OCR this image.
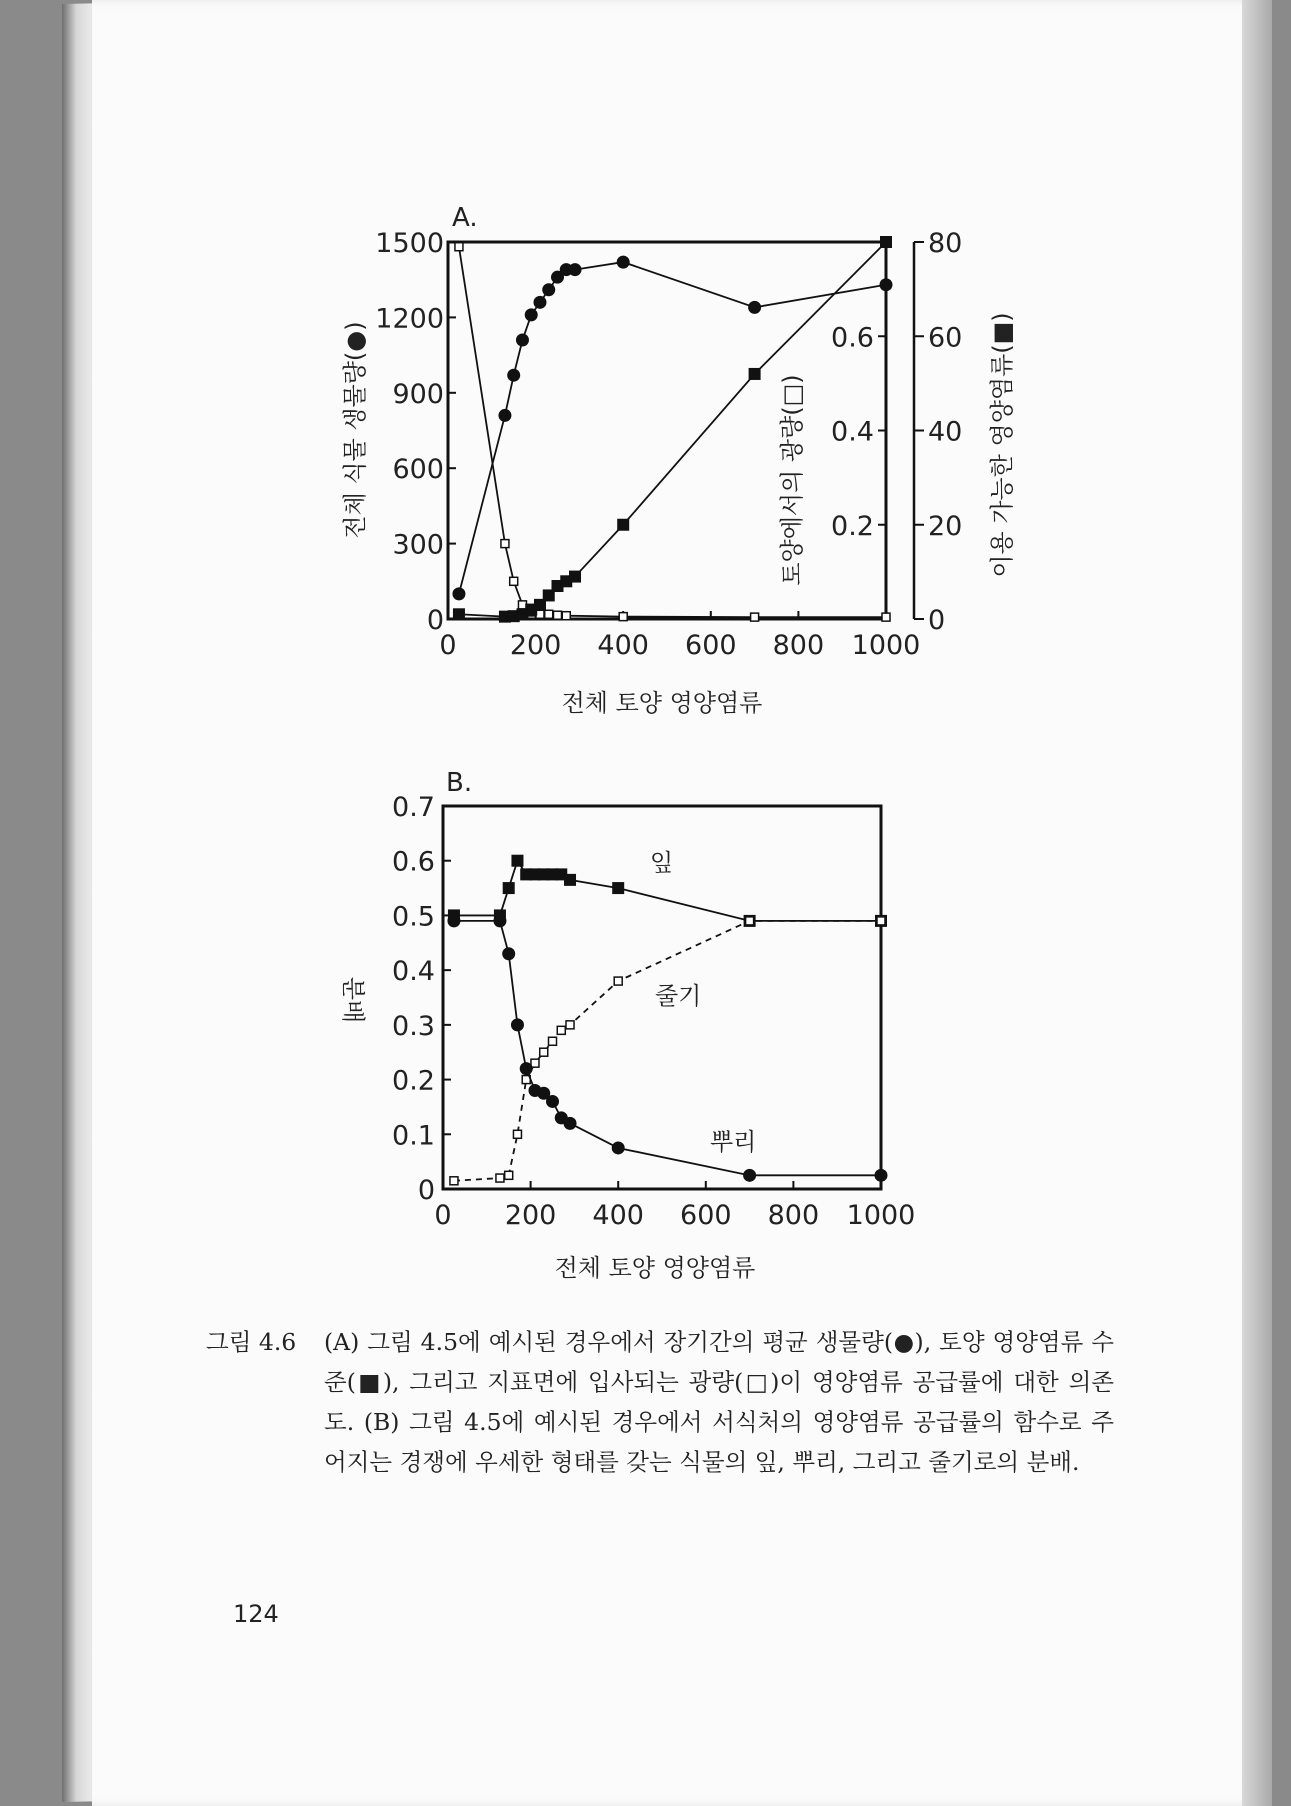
A.
0 200 400 600 800 1000
0
300
600
900
1200
1500
0.2
0.4
0.6
0
20
40
60
80
전체 토양 영양염류
전체 식물 생물량(●)	토양에서의 광량(□)	이용 가능한 영양염류(■)
B.
0 200 400 600 800 1000
0
0.1
0.2
0.3
0.4
0.5
0.6
0.7
잎
줄기
뿌리
전체 토양 영양염류
분배
그림 4.6 (A) 그림 4.5에 예시된 경우에서 장기간의 평균 생물량(●), 토양 영양염류 수준(■), 그리고 지표면에 입사되는 광량(□)이 영양염류 공급률에 대한 의존도. (B) 그림 4.5에 예시된 경우에서 서식처의 영양염류 공급률의 함수로 주어지는 경쟁에 우세한 형태를 갖는 식물의 잎, 뿌리, 그리고 줄기로의 분배.
124
